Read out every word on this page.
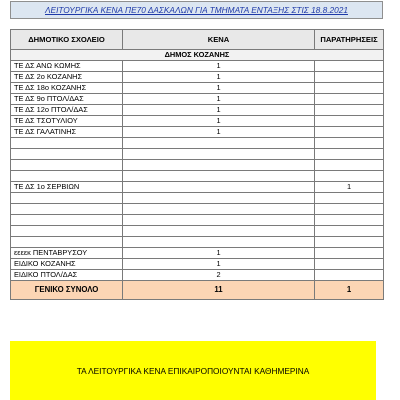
ΛΕΙΤΟΥΡΓΙΚΑ ΚΕΝΑ ΠΕ70 ΔΑΣΚΑΛΩΝ ΓΙΑ ΤΜΗΜΑΤΑ ΕΝΤΑΞΗΣ ΣΤΙΣ 18.8.2021
ΔΗΜΟΤΙΚΟ ΣΧΟΛΕΙΟ	ΚΕΝΑ	ΠΑΡΑΤΗΡΗΣΕΙΣ
ΔΗΜΟΣ ΚΟΖΑΝΗΣ		
ΤΕ ΔΣ ΑΝΩ ΚΩΜΗΣ	1	
ΤΕ ΔΣ 2ο ΚΟΖΑΝΗΣ	1	
ΤΕ ΔΣ 18ο ΚΟΖΑΝΗΣ	1	
ΤΕ ΔΣ 9ο ΠΤΟΛ/ΔΑΣ	1	
ΤΕ ΔΣ 12ο ΠΤΟΛ/ΔΑΣ	1	
ΤΕ ΔΣ ΤΣΟΤΥΛΙΟΥ	1	
ΤΕ ΔΣ ΓΑΛΑΤΙΝΗΣ	1	

ΤΕ ΔΣ 1ο ΣΕΡΒΙΩΝ		1

εεεεκ ΠΕΝΤΑΒΡΥΣΟΥ	1	
ΕΙΔΙΚΟ ΚΟΖΑΝΗΣ	1	
ΕΙΔΙΚΟ ΠΤΟΛ/ΔΑΣ	2	
ΓΕΝΙΚΟ ΣΥΝΟΛΟ	11	1
ΤΑ ΛΕΙΤΟΥΡΓΙΚΑ ΚΕΝΑ ΕΠΙΚΑΙΡΟΠΟΙΟΥΝΤΑΙ ΚΑΘΗΜΕΡΙΝΑ
